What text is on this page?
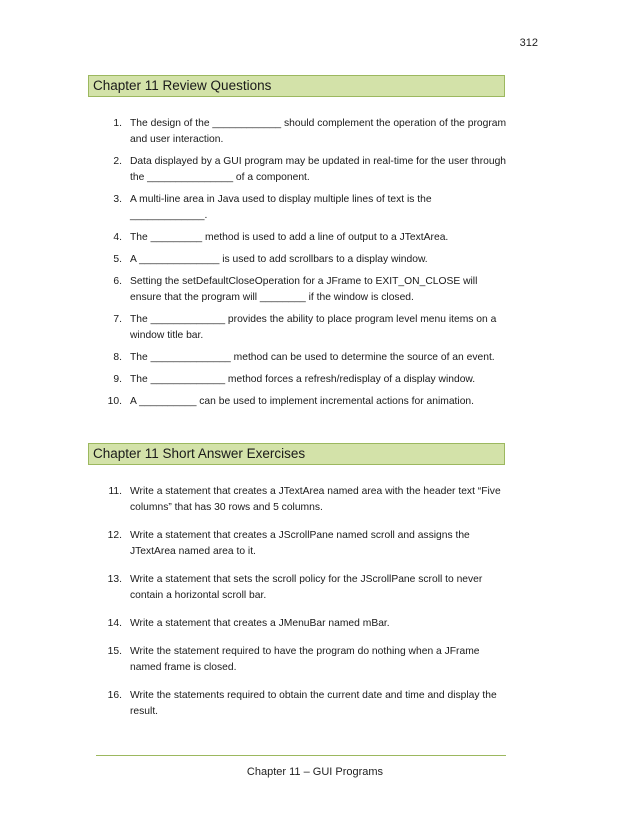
312
Chapter 11 Review Questions
1. The design of the ____________ should complement the operation of the program and user interaction.
2. Data displayed by a GUI program may be updated in real-time for the user through the _______________ of a component.
3. A multi-line area in Java used to display multiple lines of text is the _____________.
4. The _________ method is used to add a line of output to a JTextArea.
5. A ______________ is used to add scrollbars to a display window.
6. Setting the setDefaultCloseOperation for a JFrame to EXIT_ON_CLOSE will ensure that the program will ________ if the window is closed.
7. The _____________ provides the ability to place program level menu items on a window title bar.
8. The ______________ method can be used to determine the source of an event.
9. The _____________ method forces a refresh/redisplay of a display window.
10. A __________ can be used to implement incremental actions for animation.
Chapter 11 Short Answer Exercises
11. Write a statement that creates a JTextArea named area with the header text “Five columns” that has 30 rows and 5 columns.
12. Write a statement that creates a JScrollPane named scroll and assigns the JTextArea named area to it.
13. Write a statement that sets the scroll policy for the JScrollPane scroll to never contain a horizontal scroll bar.
14. Write a statement that creates a JMenuBar named mBar.
15. Write the statement required to have the program do nothing when a JFrame named frame is closed.
16. Write the statements required to obtain the current date and time and display the result.
Chapter 11 – GUI Programs
